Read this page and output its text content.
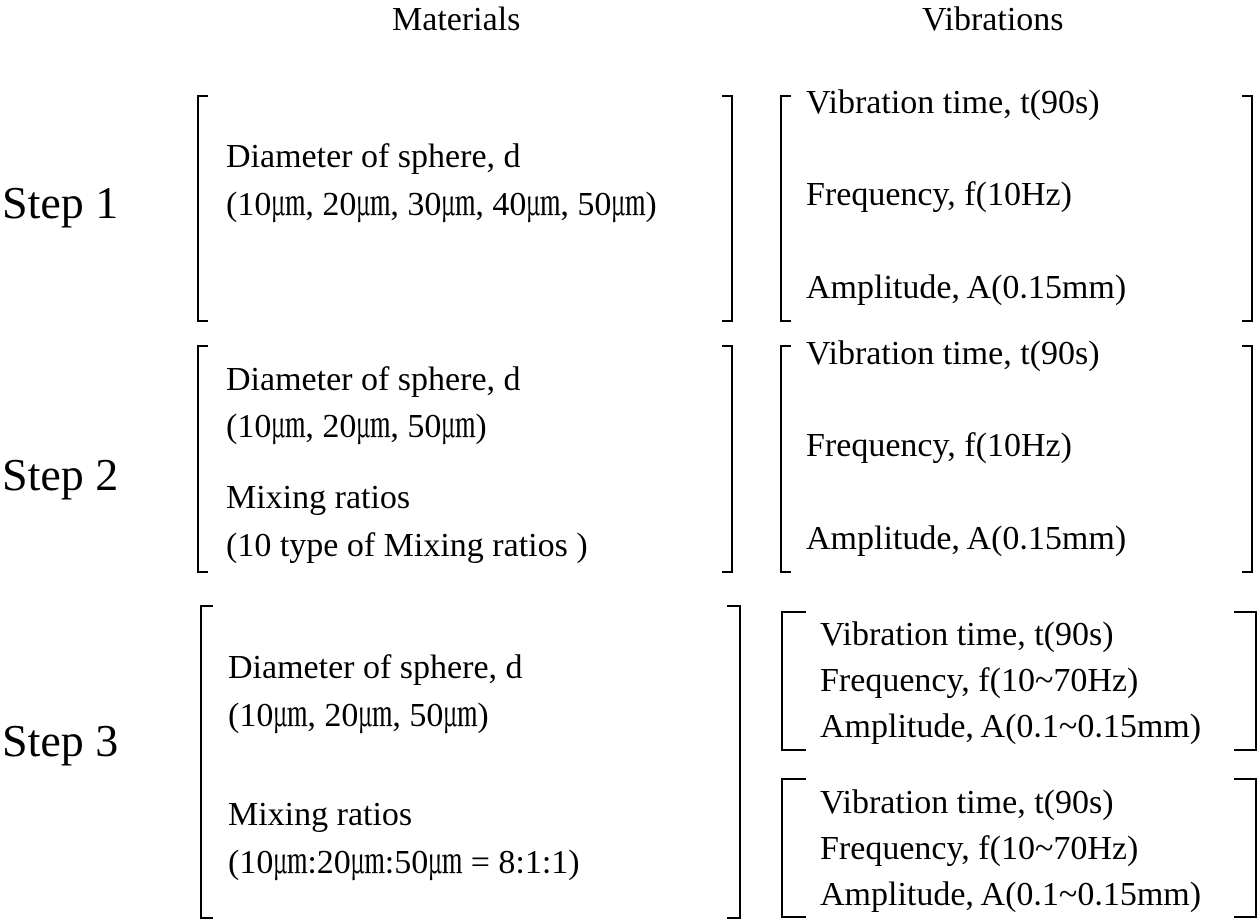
Materials	Vibrations
Step 1
Diameter of sphere, d
(10㎛, 20㎛, 30㎛, 40㎛, 50㎛)
Vibration time, t(90s)
Frequency, f(10Hz)
Amplitude, A(0.15mm)
Step 2
Diameter of sphere, d
(10㎛, 20㎛, 50㎛)
Mixing ratios
(10 type of Mixing ratios )
Vibration time, t(90s)
Frequency, f(10Hz)
Amplitude, A(0.15mm)
Step 3
Diameter of sphere, d
(10㎛, 20㎛, 50㎛)
Mixing ratios
(10㎛:20㎛:50㎛ = 8:1:1)
Vibration time, t(90s)
Frequency, f(10~70Hz)
Amplitude, A(0.1~0.15mm)
Vibration time, t(90s)
Frequency, f(10~70Hz)
Amplitude, A(0.1~0.15mm)
